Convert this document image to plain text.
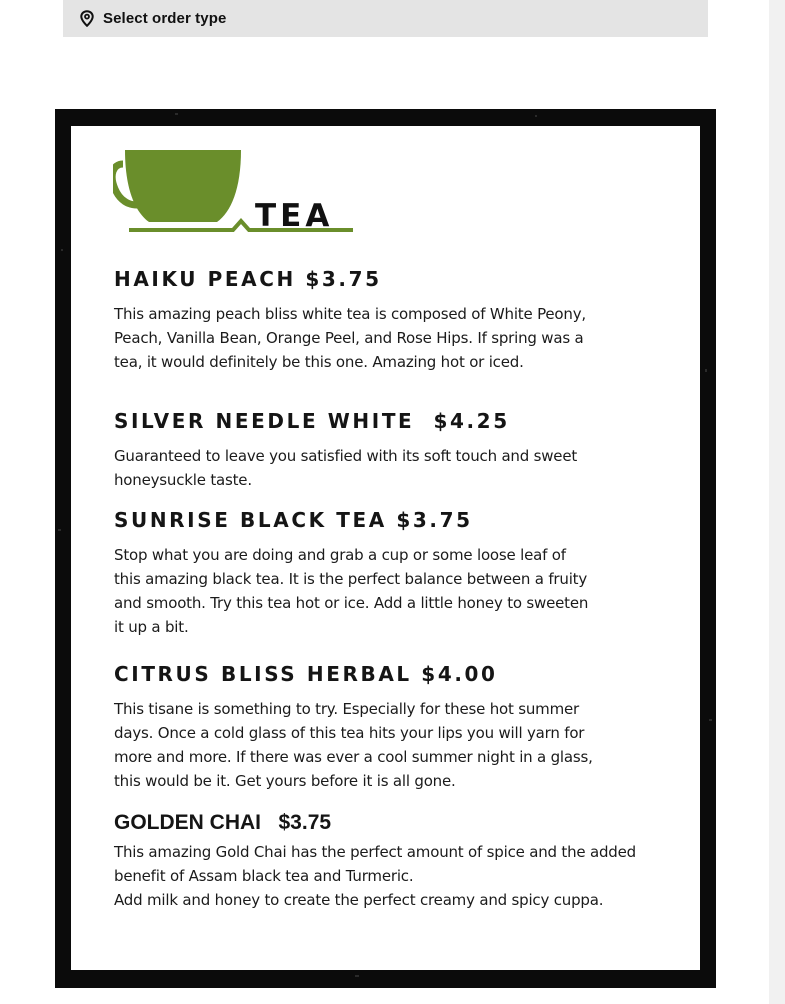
Select order type
TEA
HAIKU PEACH $3.75
This amazing peach bliss white tea is composed of White Peony,
Peach, Vanilla Bean, Orange Peel, and Rose Hips. If spring was a
tea, it would definitely be this one. Amazing hot or iced.
SILVER NEEDLE WHITE  $4.25
Guaranteed to leave you satisfied with its soft touch and sweet
honeysuckle taste.
SUNRISE BLACK TEA $3.75
Stop what you are doing and grab a cup or some loose leaf of
this amazing black tea. It is the perfect balance between a fruity
and smooth. Try this tea hot or ice. Add a little honey to sweeten
it up a bit.
CITRUS BLISS HERBAL $4.00
This tisane is something to try. Especially for these hot summer
days. Once a cold glass of this tea hits your lips you will yarn for
more and more. If there was ever a cool summer night in a glass,
this would be it. Get yours before it is all gone.
GOLDEN CHAI   $3.75
This amazing Gold Chai has the perfect amount of spice and the added
benefit of Assam black tea and Turmeric.
Add milk and honey to create the perfect creamy and spicy cuppa.
